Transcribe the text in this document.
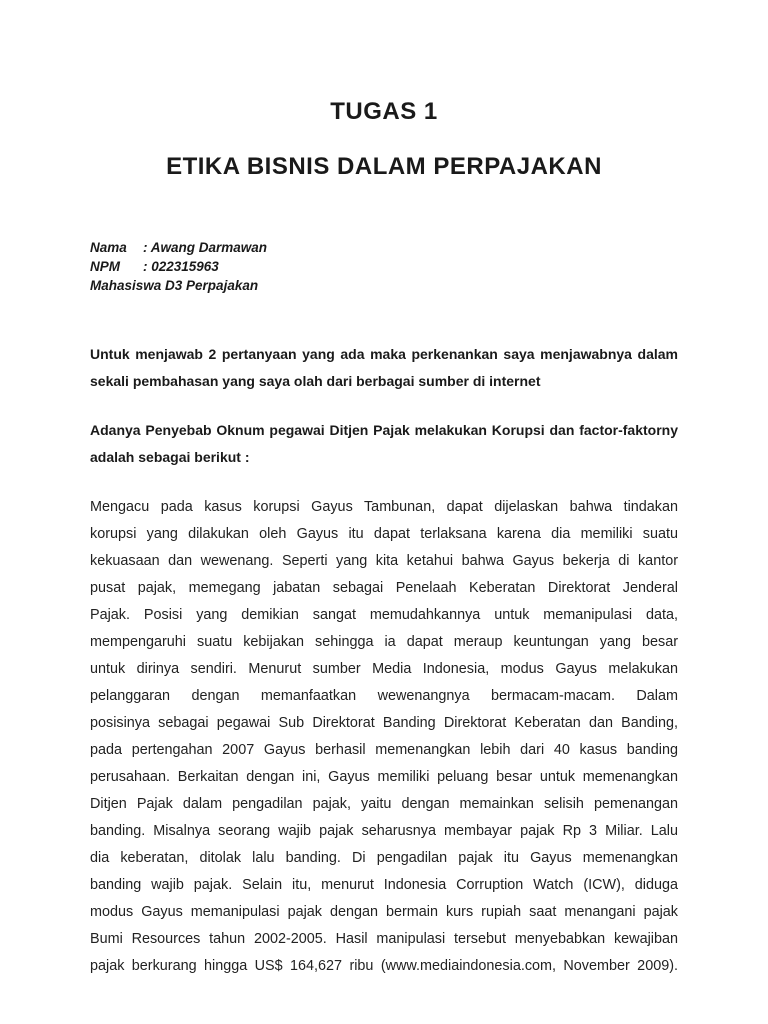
TUGAS 1
ETIKA BISNIS DALAM PERPAJAKAN
Nama	: Awang Darmawan
NPM	: 022315963
Mahasiswa D3 Perpajakan
Untuk menjawab 2 pertanyaan yang ada maka perkenankan saya menjawabnya dalam sekali pembahasan yang saya olah dari berbagai sumber di internet
Adanya Penyebab Oknum pegawai Ditjen Pajak melakukan Korupsi dan factor-faktorny adalah sebagai berikut :
Mengacu pada kasus korupsi Gayus Tambunan, dapat dijelaskan bahwa tindakan
korupsi yang dilakukan oleh Gayus itu dapat terlaksana karena dia memiliki suatu
kekuasaan dan wewenang. Seperti yang kita ketahui bahwa Gayus bekerja di kantor
pusat pajak, memegang jabatan sebagai Penelaah Keberatan Direktorat Jenderal
Pajak. Posisi yang demikian sangat memudahkannya untuk memanipulasi data,
mempengaruhi suatu kebijakan sehingga ia dapat meraup keuntungan yang besar
untuk dirinya sendiri. Menurut sumber Media Indonesia, modus Gayus melakukan
pelanggaran dengan memanfaatkan wewenangnya bermacam-macam. Dalam
posisinya sebagai pegawai Sub Direktorat Banding Direktorat Keberatan dan Banding,
pada pertengahan 2007 Gayus berhasil memenangkan lebih dari 40 kasus banding
perusahaan. Berkaitan dengan ini, Gayus memiliki peluang besar untuk memenangkan
Ditjen Pajak dalam pengadilan pajak, yaitu dengan memainkan selisih pemenangan
banding. Misalnya seorang wajib pajak seharusnya membayar pajak Rp 3 Miliar. Lalu
dia keberatan, ditolak lalu banding. Di pengadilan pajak itu Gayus memenangkan
banding wajib pajak. Selain itu, menurut Indonesia Corruption Watch (ICW), diduga
modus Gayus memanipulasi pajak dengan bermain kurs rupiah saat menangani pajak
Bumi Resources tahun 2002-2005. Hasil manipulasi tersebut menyebabkan kewajiban
pajak berkurang hingga US$ 164,627 ribu (www.mediaindonesia.com, November 2009).
